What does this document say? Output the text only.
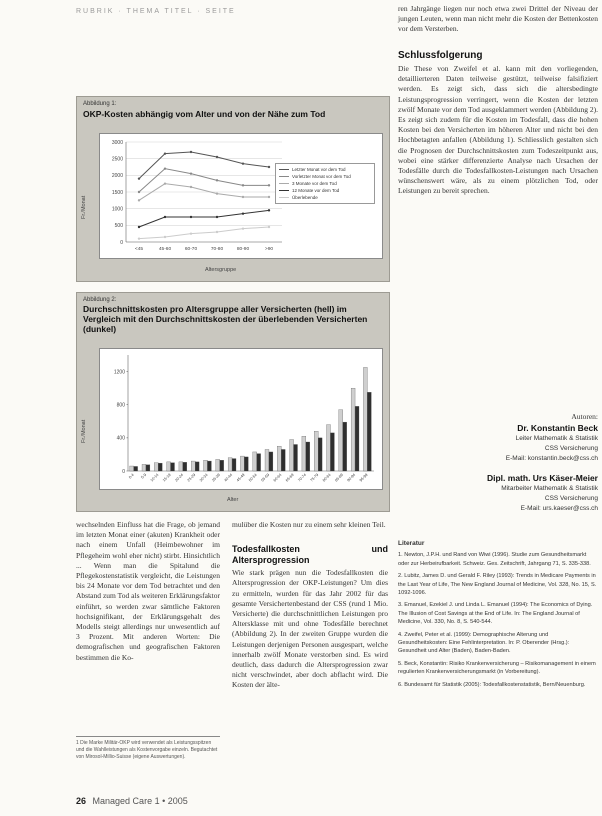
RUBRIK · THEMA TITEL · SEITE
Abbildung 1:
OKP-Kosten abhängig vom Alter und von der Nähe zum Tod
0
500
1000
1500
2000
2500
3000
<45	45-60	60-70	70-80	80-90	>90
Fr./Monat
Altersgruppe
Letzter Monat vor dem Tod
Vorletzter Monat vor dem Tod
3 Monate vor dem Tod
12 Monate vor dem Tod
Überlebende
Abbildung 2:
Durchschnittskosten pro Altersgruppe aller Versicherten (hell) im Vergleich mit den Durchschnittskosten der überlebenden Versicherten (dunkel)
0
400
800
1200
0-4 5-9 10-14 15-19 20-24 25-29 30-34 35-39 40-44 45-49 50-54 55-59 60-64 65-69 70-74 75-79 80-84 85-89 90-94 95-99
Fr./Monat
Alter

ren Jahrgänge liegen nur noch etwa zwei Drittel der Niveau der jungen Leuten, wenn man nicht mehr die Kosten der Bettenkosten vor dem Versterben.

Schlussfolgerung

Die These von Zweifel et al. kann mit den vorliegenden, detaillierteren Daten teilweise gestützt, teilweise falsifiziert werden. Es zeigt sich, dass sich die altersbedingte Leistungsprogression verringert, wenn die Kosten der letzten zwölf Monate vor dem Tod ausgeklammert werden (Abbildung 2). Es zeigt sich zudem für die Kosten im Todesfall, dass die hohen Kosten bei den Versicherten im höheren Alter und nicht bei den Hochbetagten anfallen (Abbildung 1). Schliesslich gestalten sich die Prognosen der Durchschnittskosten zum Todeszeitpunkt aus, wobei eine stärker differenzierte Analyse nach Ursachen der Todesfälle durch die Todesfallkosten-Leistungen nach Ursachen wünschenswert wäre, als zu einem plötzlichen Tod, oder Leistungen zu bereit sprechen.

Autoren:
Dr. Konstantin Beck
Leiter Mathematik & Statistik
CSS Versicherung
E-Mail: konstantin.beck@css.ch
Dipl. math. Urs Käser-Meier
Mitarbeiter Mathematik & Statistik
CSS Versicherung
E-Mail: urs.kaeser@css.ch
Literatur

1. Newton, J.P.H. und Rand von Wiwi (1996). Studie zum Gesundheitsmarkt oder zur Herbeirufbarkeit. Schweiz. Ges. Zeitschrift, Jahrgang 71, S. 335-338.

2. Lubitz, James D. und Gerald F. Riley (1993): Trends in Medicare Payments in the Last Year of Life, The New England Journal of Medicine, Vol. 328, No. 15, S. 1092-1096.

3. Emanuel, Ezekiel J. und Linda L. Emanuel (1994): The Economics of Dying. The Illusion of Cost Savings at the End of Life. In: The England Journal of Medicine, Vol. 330, No. 8, S. 540-544.

4. Zweifel, Peter et al. (1999): Demographische Alterung und Gesundheitskosten: Eine Fehlinterpretation. In: P. Oberender (Hrsg.): Gesundheit und Alter (Baden), Baden-Baden.

5. Beck, Konstantin: Risiko Krankenversicherung – Risikomanagement in einem regulierten Krankenversicherungsmarkt (in Vorbereitung).

6. Bundesamt für Statistik (2005): Todesfallkostenstatistik, Bern/Neuenburg.

wechselnden Einfluss hat die Frage, ob jemand im letzten Monat einer (akuten) Krankheit oder nach einem Unfall (Heimbewohner im Pflegeheim wohl eher nicht) stirbt. Hinsichtlich ... Wenn man die Spitalund die Pflegekostenstatistik vergleicht, die Leistungen bis 24 Monate vor dem Tod betrachtet und den Abstand zum Tod als weiteren Erklärungsfaktor einführt, so werden zwar sämtliche Faktoren hochsignifikant, der Erklärungsgehalt des Modells steigt allerdings nur unwesentlich auf 3 Prozent. Mit anderen Worten: Die demografischen und geografischen Faktoren bestimmen die Ko-

mulüber die Kosten nur zu einem sehr kleinen Teil.

Todesfallkosten und Altersprogression

Wie stark prägen nun die Todesfallkosten die Altersprogression der OKP-Leistungen? Um dies zu ermitteln, wurden für das Jahr 2002 für das gesamte Versichertenbestand der CSS (rund 1 Mio. Versicherte) die durchschnittlichen Leistungen pro Altersklasse mit und ohne Todesfälle berechnet (Abbildung 2). In der zweiten Gruppe wurden die Leistungen derjenigen Personen ausgespart, welche innerhalb zwölf Monate verstorben sind. Es wird deutlich, dass dadurch die Altersprogression zwar nicht verschwindet, aber doch abflacht wird. Die Kosten der älte-

1 Die Marke Militär-OKP wird verwendet als Leistungsspitzen und die Wahlleistungen als Kostenvorgabe einzeln. Begutachtet von Mirosol-Millio-Suisse (eigene Auswertungen).
26 Managed Care 1 • 2005
